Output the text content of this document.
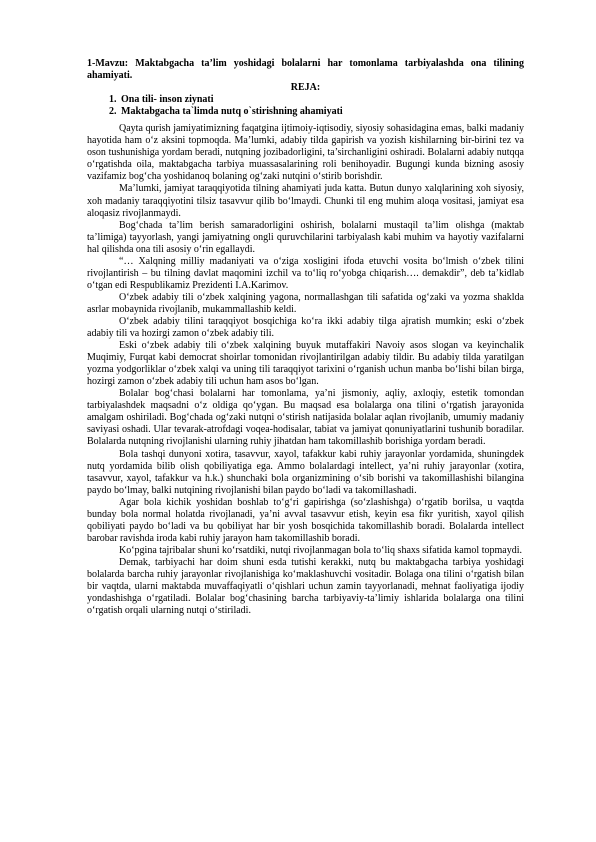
1-Mavzu: Maktabgacha ta’lim yoshidagi bolalarni har tomonlama tarbiyalashda ona tilining ahamiyati.

REJA:

1. Ona tili- inson ziynati
2. Maktabgacha ta`limda nutq o`stirishning ahamiyati

Qayta qurish jamiyatimizning faqatgina ijtimoiy-iqtisodiy, siyosiy sohasidagina emas, balki madaniy hayotida ham o‘z aksini topmoqda. Ma’lumki, adabiy tilda gapirish va yozish kishilarning bir-birini tez va oson tushunishiga yordam beradi, nutqning jozibadorligini, ta’sirchanligini oshiradi. Bolalarni adabiy nutqqa o‘rgatishda oila, maktabgacha tarbiya muassasalarining roli benihoyadir. Bugungi kunda bizning asosiy vazifamiz bog‘cha yoshidanoq bolaning og‘zaki nutqini o‘stirib borishdir.

Ma’lumki, jamiyat taraqqiyotida tilning ahamiyati juda katta. Butun dunyo xalqlarining xoh siyosiy, xoh madaniy taraqqiyotini tilsiz tasavvur qilib bo‘lmaydi. Chunki til eng muhim aloqa vositasi, jamiyat esa aloqasiz rivojlanmaydi.

Bog‘chada ta’lim berish samaradorligini oshirish, bolalarni mustaqil ta’lim olishga (maktab ta’limiga) tayyorlash, yangi jamiyatning ongli quruvchilarini tarbiyalash kabi muhim va hayotiy vazifalarni hal qilishda ona tili asosiy o‘rin egallaydi.

“… Xalqning milliy madaniyati va o‘ziga xosligini ifoda etuvchi vosita bo‘lmish o‘zbek tilini rivojlantirish – bu tilning davlat maqomini izchil va to‘liq ro‘yobga chiqarish…. demakdir”, deb ta’kidlab o‘tgan edi Respublikamiz Prezidenti I.A.Karimov.

O‘zbek adabiy tili o‘zbek xalqining yagona, normallashgan tili safatida og‘zaki va yozma shaklda asrlar mobaynida rivojlanib, mukammallashib keldi.

O‘zbek adabiy tilini taraqqiyot bosqichiga ko‘ra ikki adabiy tilga ajratish mumkin; eski o‘zbek adabiy tili va hozirgi zamon o‘zbek adabiy tili.

Eski o‘zbek adabiy tili o‘zbek xalqining buyuk mutaffakiri Navoiy asos slogan va keyinchalik Muqimiy, Furqat kabi democrat shoirlar tomonidan rivojlantirilgan adabiy tildir. Bu adabiy tilda yaratilgan yozma yodgorliklar o‘zbek xalqi va uning tili taraqqiyot tarixini o‘rganish uchun manba bo‘lishi bilan birga, hozirgi zamon o‘zbek adabiy tili uchun ham asos bo‘lgan.

Bolalar bog‘chasi bolalarni har tomonlama, ya’ni jismoniy, aqliy, axloqiy, estetik tomondan tarbiyalashdek maqsadni o‘z oldiga qo‘ygan. Bu maqsad esa bolalarga ona tilini o‘rgatish jarayonida amalgam oshiriladi. Bog‘chada og‘zaki nutqni o‘stirish natijasida bolalar aqlan rivojlanib, umumiy madaniy saviyasi oshadi. Ular tevarak-atrofdagi voqea-hodisalar, tabiat va jamiyat qonuniyatlarini tushunib boradilar. Bolalarda nutqning rivojlanishi ularning ruhiy jihatdan ham takomillashib borishiga yordam beradi.

Bola tashqi dunyoni xotira, tasavvur, xayol, tafakkur kabi ruhiy jarayonlar yordamida, shuningdek nutq yordamida bilib olish qobiliyatiga ega. Ammo bolalardagi intellect, ya’ni ruhiy jarayonlar (xotira, tasavvur, xayol, tafakkur va h.k.) shunchaki bola organizmining o‘sib borishi va takomillashishi bilangina paydo bo‘lmay, balki nutqining rivojlanishi bilan paydo bo‘ladi va takomillashadi.

Agar bola kichik yoshidan boshlab to‘g‘ri gapirishga (so‘zlashishga) o‘rgatib borilsa, u vaqtda bunday bola normal holatda rivojlanadi, ya’ni avval tasavvur etish, keyin esa fikr yuritish, xayol qilish qobiliyati paydo bo‘ladi va bu qobiliyat har bir yosh bosqichida takomillashib boradi. Bolalarda intellect barobar ravishda iroda kabi ruhiy jarayon ham takomillashib boradi.

Ko‘pgina tajribalar shuni ko‘rsatdiki, nutqi rivojlanmagan bola to‘liq shaxs sifatida kamol topmaydi.

Demak, tarbiyachi har doim shuni esda tutishi kerakki, nutq bu maktabgacha tarbiya yoshidagi bolalarda barcha ruhiy jarayonlar rivojlanishiga ko‘maklashuvchi vositadir. Bolaga ona tilini o‘rgatish bilan bir vaqtda, ularni maktabda muvaffaqiyatli o‘qishlari uchun zamin tayyorlanadi, mehnat faoliyatiga ijodiy yondashishga o‘rgatiladi. Bolalar bog‘chasining barcha tarbiyaviy-ta’limiy ishlarida bolalarga ona tilini o‘rgatish orqali ularning nutqi o‘stiriladi.
